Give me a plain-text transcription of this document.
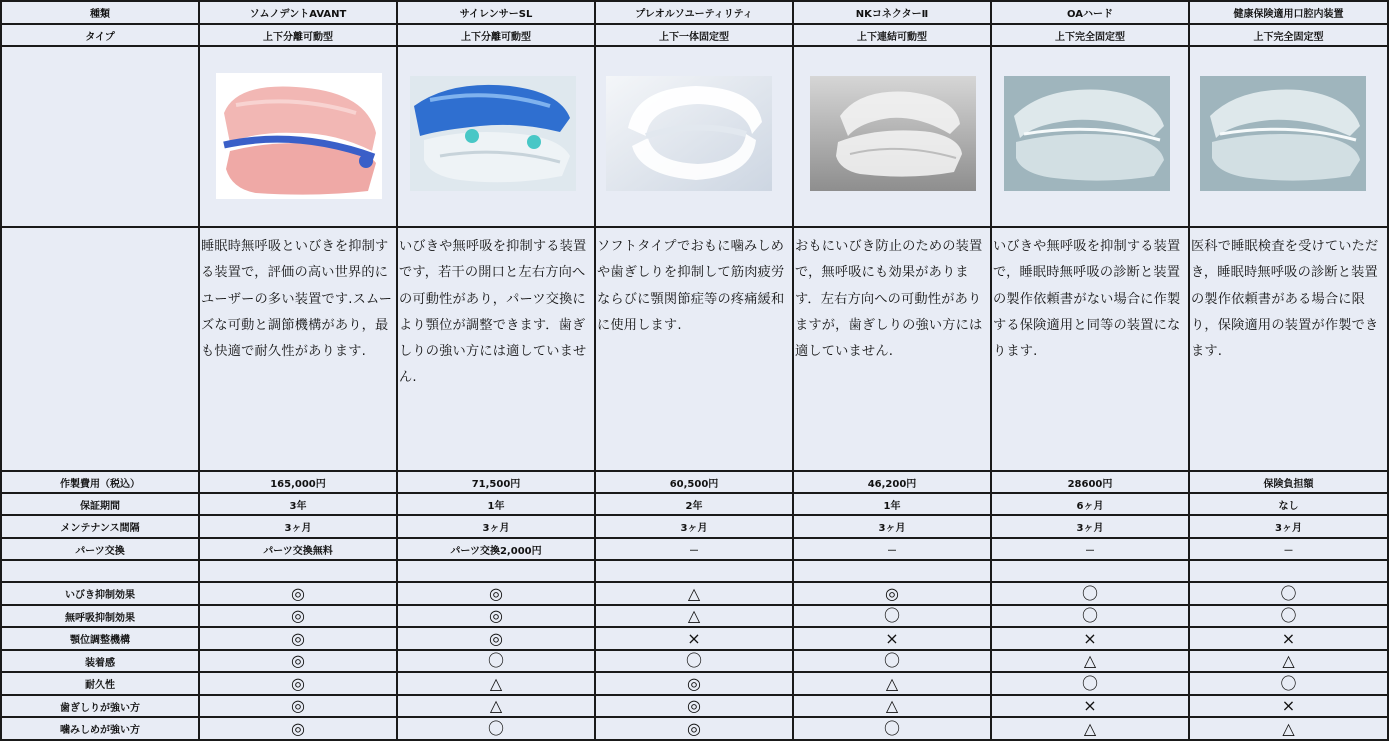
種類	ソムノデントAVANT	サイレンサーSL	プレオルソユーティリティ	NKコネクターⅡ	OAハード	健康保険適用口腔内装置
タイプ	上下分離可動型	上下分離可動型	上下一体固定型	上下連結可動型	上下完全固定型	上下完全固定型

	睡眠時無呼吸といびきを抑制する装置で，評価の高い世界的にユーザーの多い装置です.スムーズな可動と調節機構があり，最も快適で耐久性があります.	いびきや無呼吸を抑制する装置です，若干の開口と左右方向への可動性があり，パーツ交換により顎位が調整できます．歯ぎしりの強い方には適していません.	ソフトタイプでおもに噛みしめや歯ぎしりを抑制して筋肉疲労ならびに顎関節症等の疼痛緩和に使用します.	おもにいびき防止のための装置で，無呼吸にも効果があります．左右方向への可動性がありますが，歯ぎしりの強い方には適していません.	いびきや無呼吸を抑制する装置で，睡眠時無呼吸の診断と装置の製作依頼書がない場合に作製する保険適用と同等の装置になります.	医科で睡眠検査を受けていただき，睡眠時無呼吸の診断と装置の製作依頼書がある場合に限り，保険適用の装置が作製できます.
作製費用（税込）	165,000円	71,500円	60,500円	46,200円	28600円	保険負担額
保証期間	3年	1年	2年	1年	6ヶ月	なし
メンテナンス間隔	3ヶ月	3ヶ月	3ヶ月	3ヶ月	3ヶ月	3ヶ月
パーツ交換	パーツ交換無料	パーツ交換2,000円	－	－	－	－

いびき抑制効果	◎	◎	△	◎	〇	〇
無呼吸抑制効果	◎	◎	△	〇	〇	〇
顎位調整機構	◎	◎	×	×	×	×
装着感	◎	〇	〇	〇	△	△
耐久性	◎	△	◎	△	〇	〇
歯ぎしりが強い方	◎	△	◎	△	×	×
噛みしめが強い方	◎	〇	◎	〇	△	△
